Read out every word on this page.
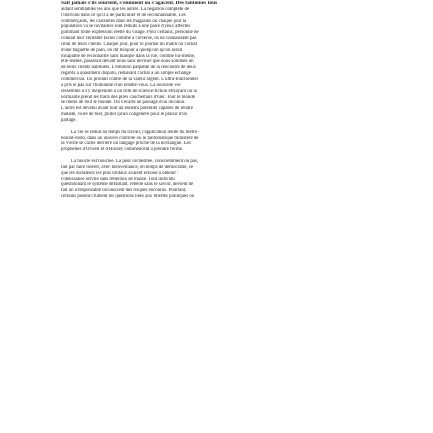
Sait jamais s'ils sourient, s'ennuient ou s'agacent. Des fantômes tous

autant semblables les uns que les autres. La négation complète de

l'individu dans ce qu'il a de particulier et de reconnaissable. Les

commerçants, les caissières dans les magasins où chaque jour la

population va se ravitailler sont réduits à une paire d'yeux affectés

gommant toute expression réelle du visage. Pour certains, personne ne

connaît leur véritable faciès comme à l'inverse, ils ne connaissent pas

celui de leurs clients. Chaque jour, pour le journal du matin ou l'achat

d'une baguette de pain, on dit bonjour à quelqu'un qu'on serait

incapable de reconnaître sans masque dans la rue, comme lui-même,

elle-même, passerait devant nous sans deviner que nous sommes un

de leurs clients habituels. L'émotion palpable de la rencontre de deux

regards a quasiment disparu, réduisant l'achat à un simple échange

commercial. Un produit contre de la valeur argent. L'ultra-fonctionnel

a pris le pas sur l'humanité d'un rendez-vous. La nouvelle vie

ressemble à s'y méprendre à un film de science-fiction effrayant où la

normalité prend les traits des pires cauchemars d'hier. Tout le monde

se méfie de tout le monde. On s'écarte au passage d'un inconnu.

L'autre est devenu avant tout un ennemi potentiel capable de rendre

malade, voire de tuer, plutôt qu'un congénère pour le plaisir d'un

partage.

La vie se réduit au temps du travail, l'application réelle du métro-

boulot-dodo, dans un univers contrôlé où le fantomatique ministère de

la Vérité se cache derrière un langage proche de la novlangue. Les

prophéties d'Orwell et d'Huxley commencent à prendre forme.

La boucle est bouclée. La peur orchestrée, consciemment ou pas,

fait par faire tolérer, avec bienveillance, en temps de démocratie, ce

que les dictateurs les plus brutaux avaient échoué à obtenir :

l'obéissance servile sans rébellion de masse. Tout individu

questionnant le système défaillant, rebelle sans le savoir, devient de

fait un irresponsable inconscient des risques encourus. Pourtant,

certains posent crûment les questions liées aux libertés publiques ou
